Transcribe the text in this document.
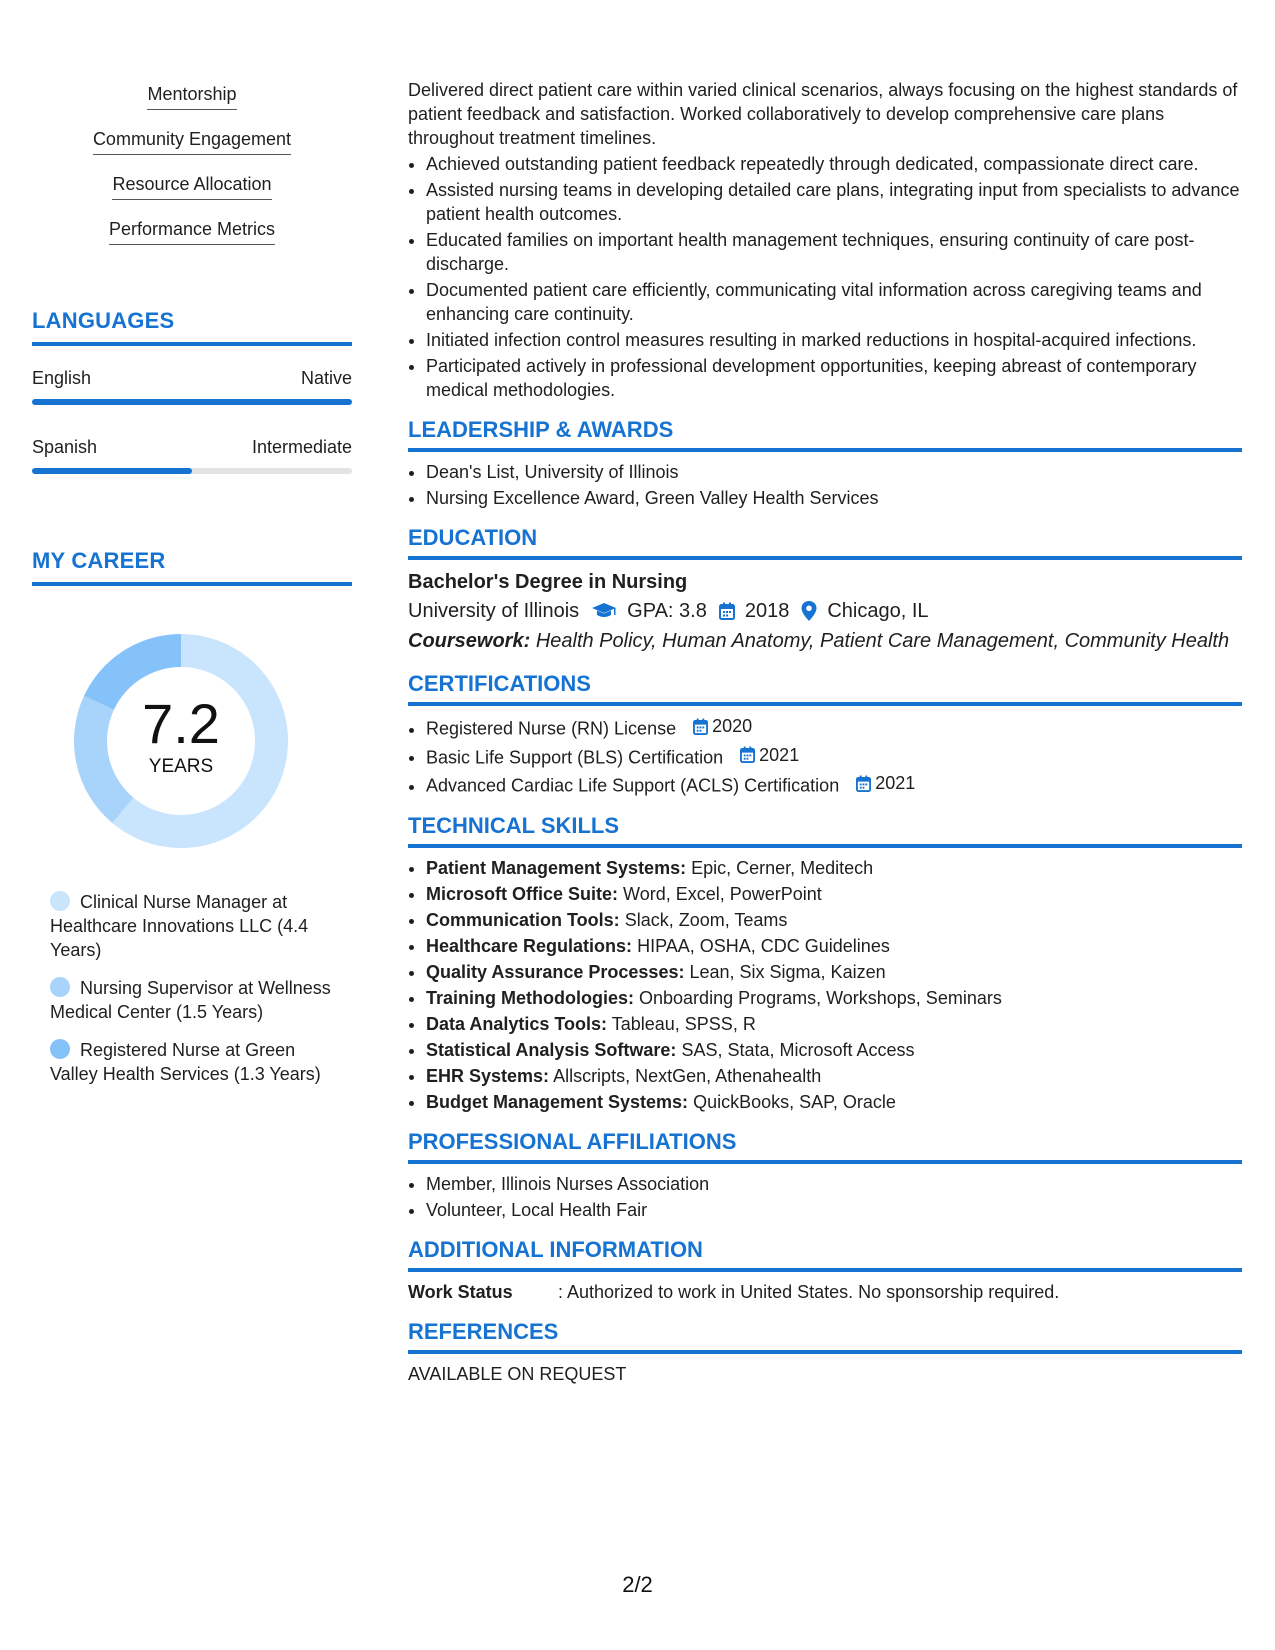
Mentorship
Community Engagement
Resource Allocation
Performance Metrics
LANGUAGES
English	Native
Spanish	Intermediate
MY CAREER
7.2
YEARS
Clinical Nurse Manager at Healthcare Innovations LLC (4.4 Years)
Nursing Supervisor at Wellness Medical Center (1.5 Years)
Registered Nurse at Green Valley Health Services (1.3 Years)

Delivered direct patient care within varied clinical scenarios, always focusing on the highest standards of patient feedback and satisfaction. Worked collaboratively to develop comprehensive care plans throughout treatment timelines.

• Achieved outstanding patient feedback repeatedly through dedicated, compassionate direct care.
• Assisted nursing teams in developing detailed care plans, integrating input from specialists to advance patient health outcomes.
• Educated families on important health management techniques, ensuring continuity of care post-discharge.
• Documented patient care efficiently, communicating vital information across caregiving teams and enhancing care continuity.
• Initiated infection control measures resulting in marked reductions in hospital-acquired infections.
• Participated actively in professional development opportunities, keeping abreast of contemporary medical methodologies.
LEADERSHIP & AWARDS
• Dean's List, University of Illinois
• Nursing Excellence Award, Green Valley Health Services
EDUCATION
Bachelor's Degree in Nursing
University of Illinois GPA: 3.8 2018 Chicago, IL
Coursework: Health Policy, Human Anatomy, Patient Care Management, Community Health
CERTIFICATIONS
• Registered Nurse (RN) License 2020
• Basic Life Support (BLS) Certification 2021
• Advanced Cardiac Life Support (ACLS) Certification 2021
TECHNICAL SKILLS
• Patient Management Systems: Epic, Cerner, Meditech
• Microsoft Office Suite: Word, Excel, PowerPoint
• Communication Tools: Slack, Zoom, Teams
• Healthcare Regulations: HIPAA, OSHA, CDC Guidelines
• Quality Assurance Processes: Lean, Six Sigma, Kaizen
• Training Methodologies: Onboarding Programs, Workshops, Seminars
• Data Analytics Tools: Tableau, SPSS, R
• Statistical Analysis Software: SAS, Stata, Microsoft Access
• EHR Systems: Allscripts, NextGen, Athenahealth
• Budget Management Systems: QuickBooks, SAP, Oracle
PROFESSIONAL AFFILIATIONS
• Member, Illinois Nurses Association
• Volunteer, Local Health Fair
ADDITIONAL INFORMATION
Work Status	: Authorized to work in United States. No sponsorship required.
REFERENCES
AVAILABLE ON REQUEST
2/2
